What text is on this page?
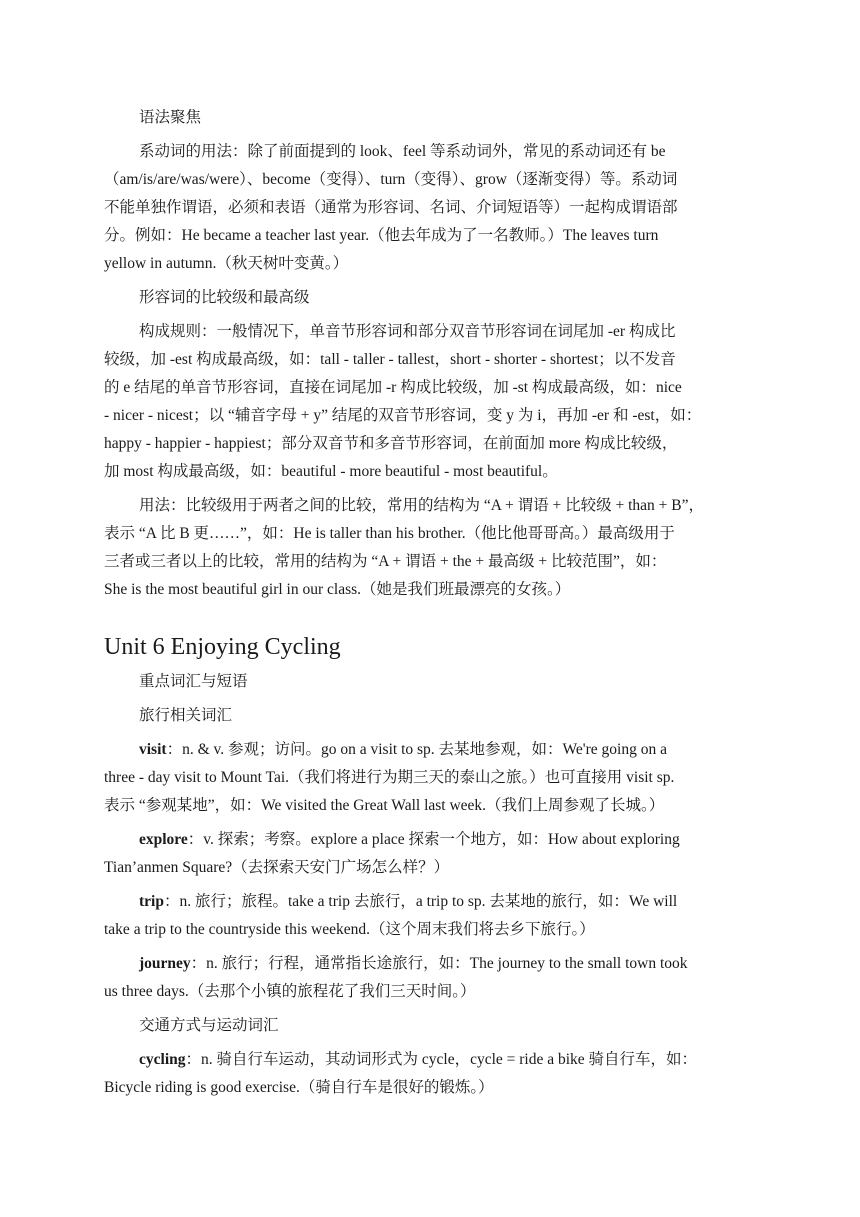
语法聚焦

系动词的用法：除了前面提到的 look、feel 等系动词外，常见的系动词还有 be

（am/is/are/was/were）、become（变得）、turn（变得）、grow（逐渐变得）等。系动词

不能单独作谓语，必须和表语（通常为形容词、名词、介词短语等）一起构成谓语部

分。例如：He became a teacher last year.（他去年成为了一名教师。）The leaves turn

yellow in autumn.（秋天树叶变黄。）

形容词的比较级和最高级

构成规则：一般情况下，单音节形容词和部分双音节形容词在词尾加 -er 构成比

较级，加 -est 构成最高级，如：tall - taller - tallest，short - shorter - shortest；以不发音

的 e 结尾的单音节形容词，直接在词尾加 -r 构成比较级，加 -st 构成最高级，如：nice

- nicer - nicest；以 “辅音字母 + y” 结尾的双音节形容词，变 y 为 i，再加 -er 和 -est，如：

happy - happier - happiest；部分双音节和多音节形容词，在前面加 more 构成比较级，

加 most 构成最高级，如：beautiful - more beautiful - most beautiful。

用法：比较级用于两者之间的比较，常用的结构为 “A + 谓语 + 比较级 + than + B”，

表示 “A 比 B 更……”，如：He is taller than his brother.（他比他哥哥高。）最高级用于

三者或三者以上的比较，常用的结构为 “A + 谓语 + the + 最高级 + 比较范围”，如：

She is the most beautiful girl in our class.（她是我们班最漂亮的女孩。）

Unit 6 Enjoying Cycling

重点词汇与短语

旅行相关词汇

visit：n. & v. 参观；访问。go on a visit to sp. 去某地参观，如：We're going on a

three - day visit to Mount Tai.（我们将进行为期三天的泰山之旅。）也可直接用 visit sp.

表示 “参观某地”，如：We visited the Great Wall last week.（我们上周参观了长城。）

explore：v. 探索；考察。explore a place 探索一个地方，如：How about exploring

Tian’anmen Square?（去探索天安门广场怎么样？）

trip：n. 旅行；旅程。take a trip 去旅行，a trip to sp. 去某地的旅行，如：We will

take a trip to the countryside this weekend.（这个周末我们将去乡下旅行。）

journey：n. 旅行；行程，通常指长途旅行，如：The journey to the small town took

us three days.（去那个小镇的旅程花了我们三天时间。）

交通方式与运动词汇

cycling：n. 骑自行车运动，其动词形式为 cycle，cycle = ride a bike 骑自行车，如：

Bicycle riding is good exercise.（骑自行车是很好的锻炼。）
